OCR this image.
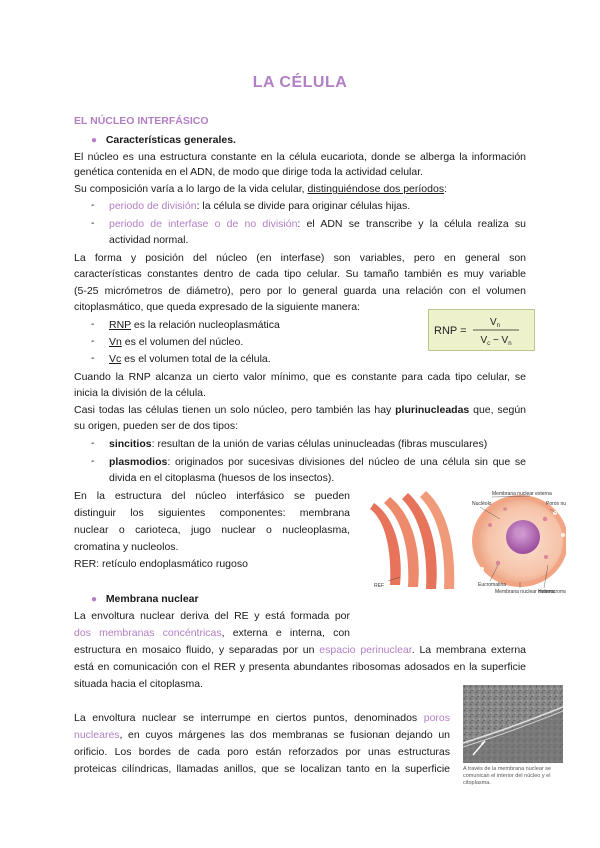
LA CÉLULA
EL NÚCLEO INTERFÁSICO
● Características generales.
El núcleo es una estructura constante en la célula eucariota, donde se alberga la información
genética contenida en el ADN, de modo que dirige toda la actividad celular.
Su composición varía a lo largo de la vida celular, distinguiéndose dos períodos:
- periodo de división: la célula se divide para originar células hijas.
- periodo de interfase o de no división: el ADN se transcribe y la célula realiza su
actividad normal.
La forma y posición del núcleo (en interfase) son variables, pero en general son
características constantes dentro de cada tipo celular. Su tamaño también es muy variable
(5-25 micrómetros de diámetro), pero por lo general guarda una relación con el volumen
citoplasmático, que queda expresado de la siguiente manera:
- RNP es la relación nucleoplasmática
- Vn es el volumen del núcleo.
- Vc es el volumen total de la célula.
RNP =
$V_n$
$V_c - V_n$
Cuando la RNP alcanza un cierto valor mínimo, que es constante para cada tipo celular, se
inicia la división de la célula.
Casi todas las células tienen un solo núcleo, pero también las hay plurinucleadas que, según
su origen, pueden ser de dos tipos:
- sincitios: resultan de la unión de varias células uninucleadas (fibras musculares)
- plasmodios: originados por sucesivas divisiones del núcleo de una célula sin que se
divida en el citoplasma (huesos de los insectos).
En la estructura del núcleo interfásico se pueden
distinguir los siguientes componentes: membrana
nuclear o carioteca, jugo nuclear o nucleoplasma,
cromatina y nucleolos.
RER: retículo endoplasmático rugoso
Membrana nuclear externa
Nucléolo	Poros nu
REF	Eucromatina
Membrana nuclear externa
Heterocroma
● Membrana nuclear
La envoltura nuclear deriva del RE y está formada por
dos membranas concéntricas, externa e interna, con
estructura en mosaico fluido, y separadas por un espacio perinuclear. La membrana externa
está en comunicación con el RER y presenta abundantes ribosomas adosados en la superficie
situada hacia el citoplasma.
La envoltura nuclear se interrumpe en ciertos puntos, denominados poros
nucleares, en cuyos márgenes las dos membranas se fusionan dejando un
orificio. Los bordes de cada poro están reforzados por unas estructuras
proteicas cilíndricas, llamadas anillos, que se localizan tanto en la superficie A través de la membrana nuclear se comunican el interior del núcleo y el citoplasma.
